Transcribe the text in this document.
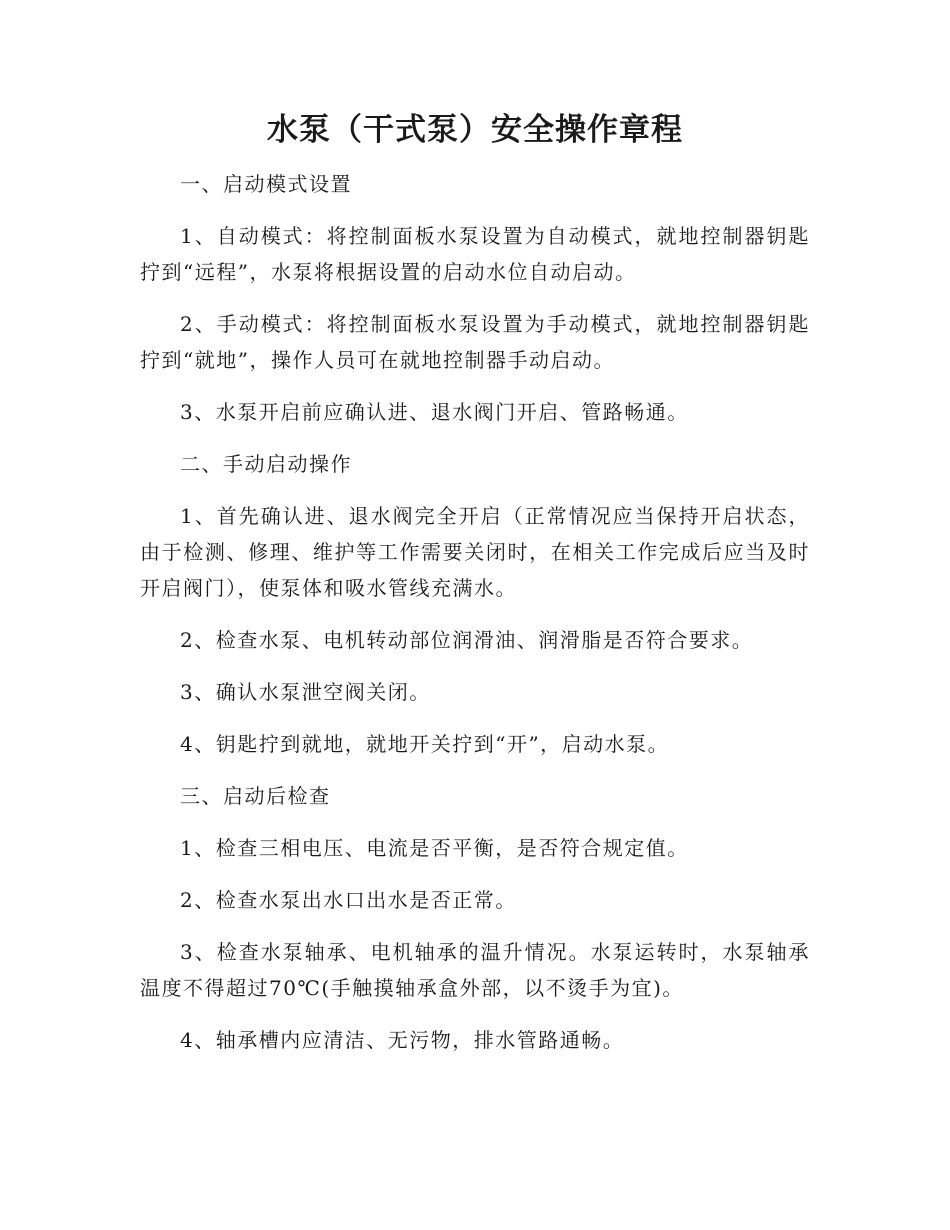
水泵（干式泵）安全操作章程

一、启动模式设置

1、自动模式：将控制面板水泵设置为自动模式，就地控制器钥匙拧到“远程”，水泵将根据设置的启动水位自动启动。

2、手动模式：将控制面板水泵设置为手动模式，就地控制器钥匙拧到“就地”，操作人员可在就地控制器手动启动。

3、水泵开启前应确认进、退水阀门开启、管路畅通。

二、手动启动操作

1、首先确认进、退水阀完全开启（正常情况应当保持开启状态，由于检测、修理、维护等工作需要关闭时，在相关工作完成后应当及时开启阀门），使泵体和吸水管线充满水。

2、检查水泵、电机转动部位润滑油、润滑脂是否符合要求。

3、确认水泵泄空阀关闭。

4、钥匙拧到就地，就地开关拧到“开”，启动水泵。

三、启动后检查

1、检查三相电压、电流是否平衡，是否符合规定值。

2、检查水泵出水口出水是否正常。

3、检查水泵轴承、电机轴承的温升情况。水泵运转时，水泵轴承温度不得超过70℃(手触摸轴承盒外部，以不烫手为宜)。

4、轴承槽内应清洁、无污物，排水管路通畅。
